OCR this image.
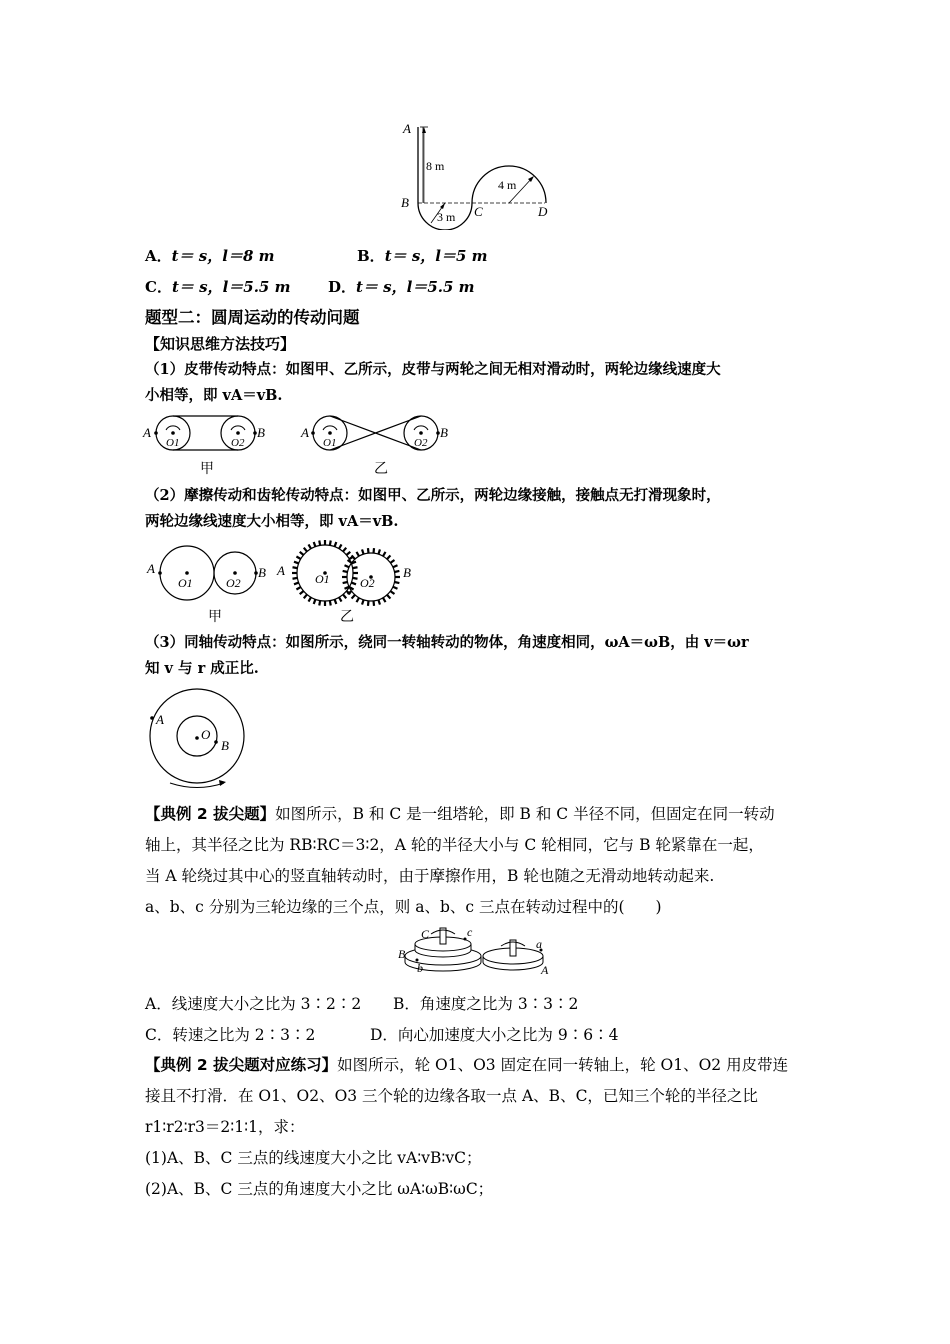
A
B
8 m
3 m C
4 m
D
A．t＝ s，l＝8 m	B．t＝ s，l＝5 m
C．t＝ s，l＝5.5 m	D．t＝ s，l＝5.5 m
题型二：圆周运动的传动问题
【知识思维方法技巧】
（1）皮带传动特点：如图甲、乙所示，皮带与两轮之间无相对滑动时，两轮边缘线速度大
小相等，即 vA＝vB.
A
O1	O2
B	A
O1	O2
B
甲	乙
（2）摩擦传动和齿轮传动特点：如图甲、乙所示，两轮边缘接触，接触点无打滑现象时，
两轮边缘线速度大小相等，即 vA＝vB.
A
O1	O2
B A
O1	O2
B
甲	乙
（3）同轴传动特点：如图所示，绕同一转轴转动的物体，角速度相同，ωA＝ωB，由 v＝ωr
知 v 与 r 成正比.
A
O
B
【典例 2 拔尖题】如图所示，B 和 C 是一组塔轮，即 B 和 C 半径不同，但固定在同一转动
轴上，其半径之比为 RB∶RC＝3∶2，A 轮的半径大小与 C 轮相同，它与 B 轮紧靠在一起，
当 A 轮绕过其中心的竖直轴转动时，由于摩擦作用，B 轮也随之无滑动地转动起来.
a、b、c 分别为三轮边缘的三个点，则 a、b、c 三点在转动过程中的(　　)
C	c
B
b
a
A
A．线速度大小之比为 3∶2∶2 B．角速度之比为 3∶3∶2
C．转速之比为 2∶3∶2	D．向心加速度大小之比为 9∶6∶4
【典例 2 拔尖题对应练习】如图所示，轮 O1、O3 固定在同一转轴上，轮 O1、O2 用皮带连
接且不打滑．在 O1、O2、O3 三个轮的边缘各取一点 A、B、C，已知三个轮的半径之比
r1∶r2∶r3＝2∶1∶1，求：
(1)A、B、C 三点的线速度大小之比 vA∶vB∶vC；
(2)A、B、C 三点的角速度大小之比 ωA∶ωB∶ωC；
